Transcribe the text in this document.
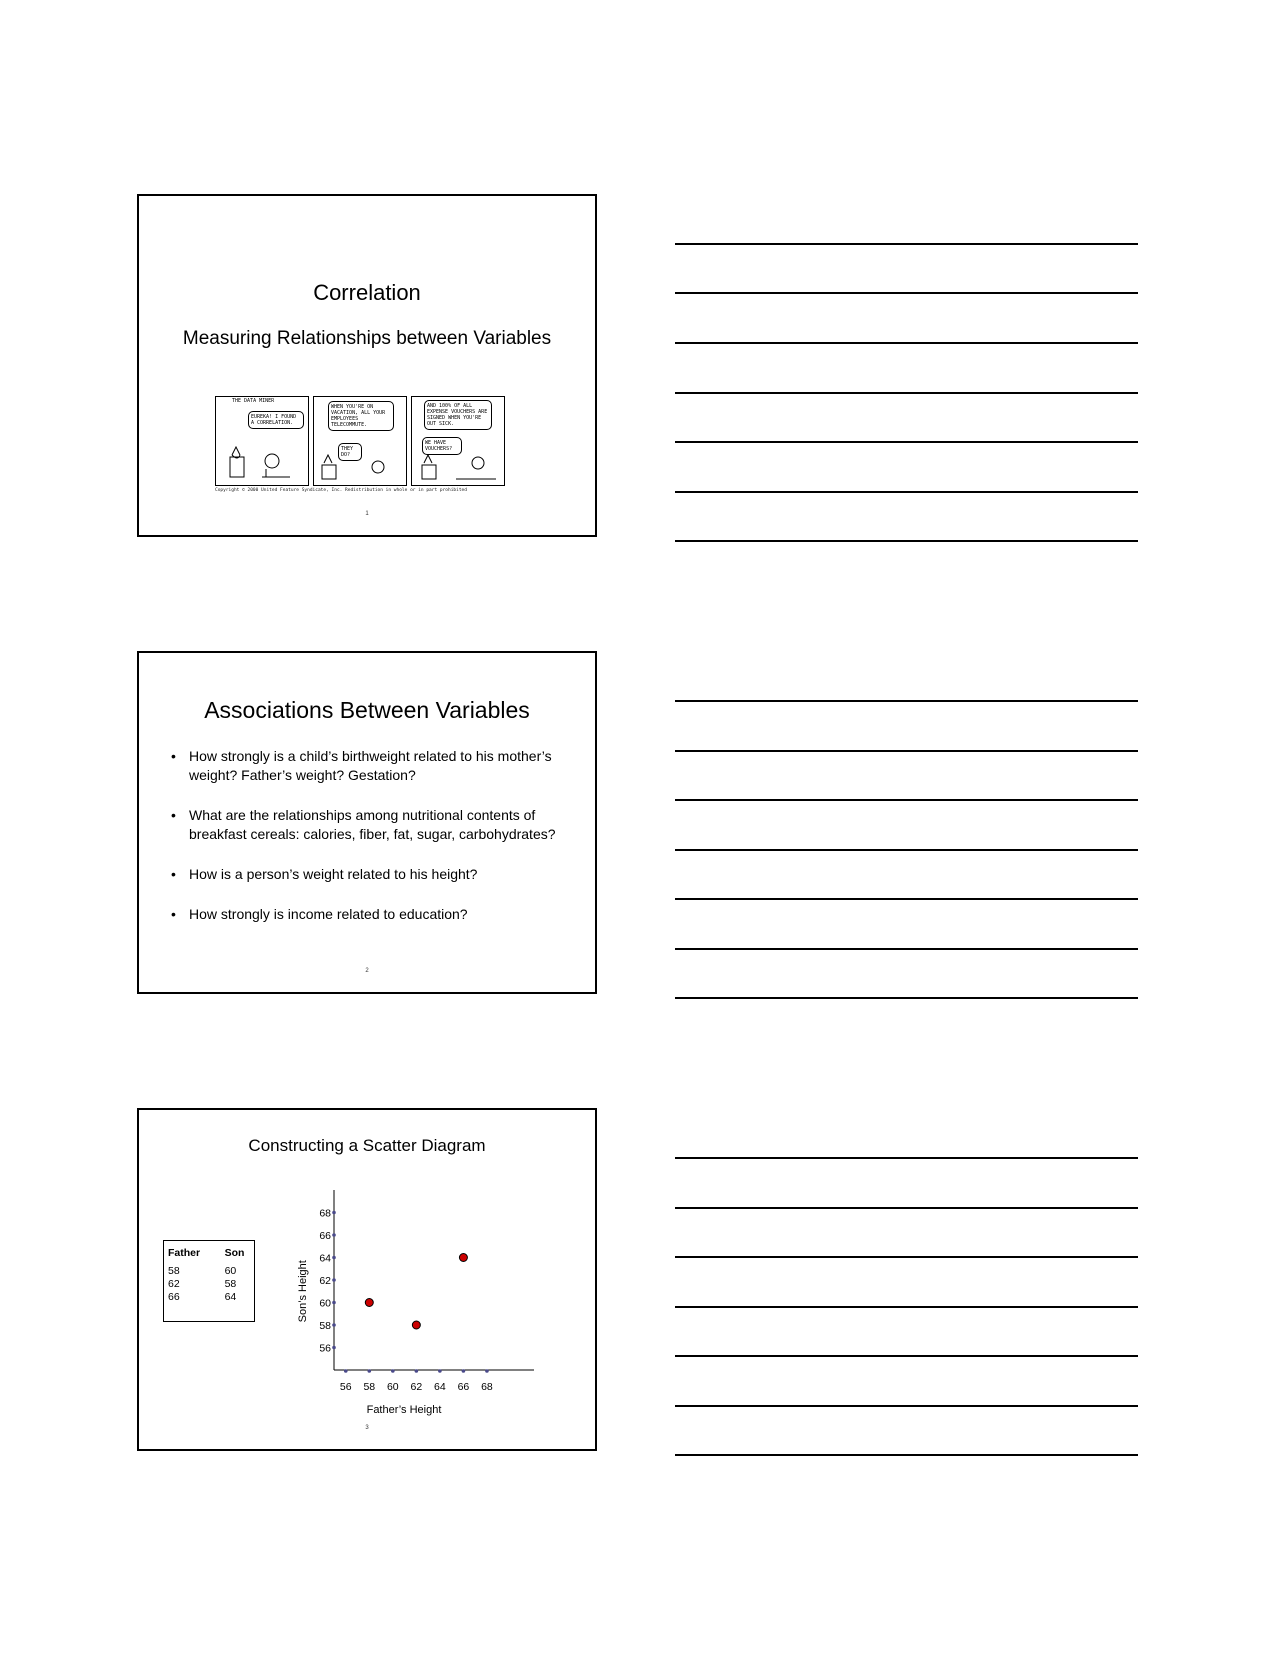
Correlation
Measuring Relationships between Variables
THE DATA MINER
EUREKA! I FOUND A CORRELATION.
WHEN YOU'RE ON VACATION, ALL YOUR EMPLOYEES TELECOMMUTE.
THEY DO?
AND 100% OF ALL EXPENSE VOUCHERS ARE SIGNED WHEN YOU'RE OUT SICK.
WE HAVE VOUCHERS?
Copyright © 2000 United Feature Syndicate, Inc. Redistribution in whole or in part prohibited
1
Associations Between Variables
• How strongly is a child’s birthweight related to his mother’s weight? Father’s weight? Gestation?
• What are the relationships among nutritional contents of breakfast cereals: calories, fiber, fat, sugar, carbohydrates?
• How is a person’s weight related to his height?
• How strongly is income related to education?
2
Constructing a Scatter Diagram
Father	Son
58	60
62	58
66	64
56 58 60 62 64 66 68
56
58
60
62
64
66
68
Father’s Height
Son’s Height
3
